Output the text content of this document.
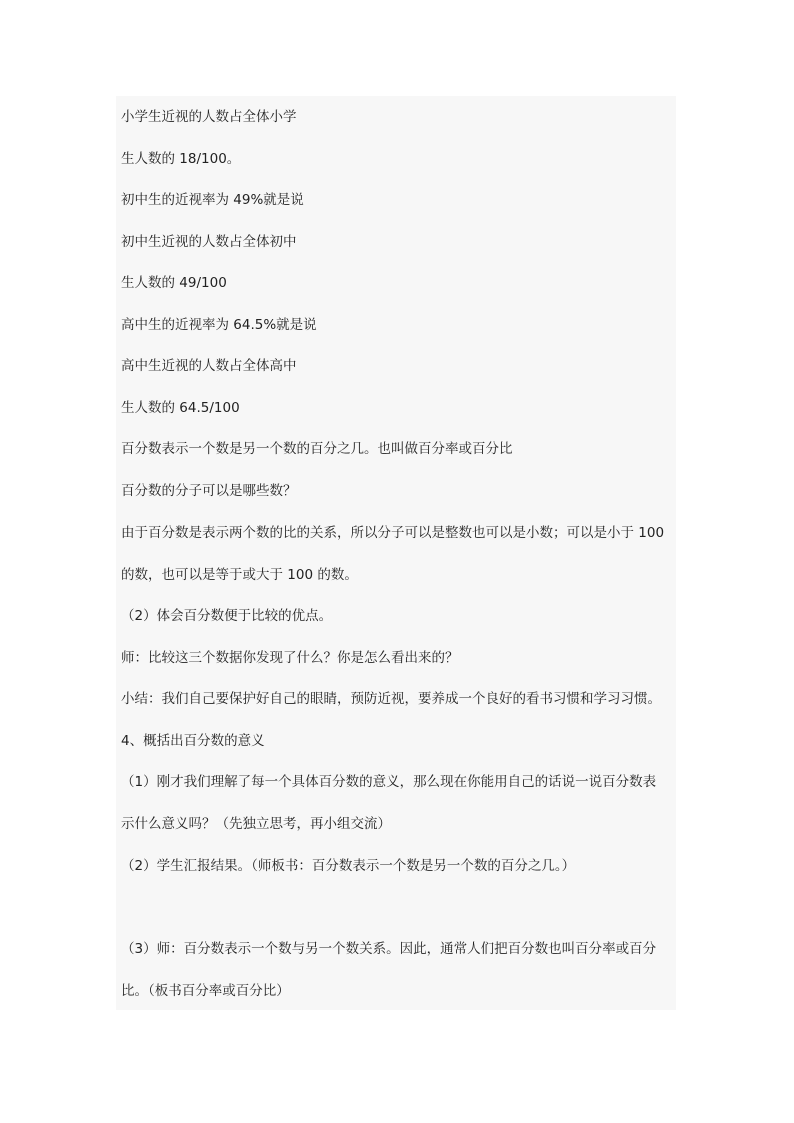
小学生近视的人数占全体小学
生人数的 18/100。
初中生的近视率为 49%就是说
初中生近视的人数占全体初中
生人数的 49/100
高中生的近视率为 64.5%就是说
高中生近视的人数占全体高中
生人数的 64.5/100
百分数表示一个数是另一个数的百分之几。也叫做百分率或百分比
百分数的分子可以是哪些数？
由于百分数是表示两个数的比的关系，所以分子可以是整数也可以是小数；可以是小于 100
的数，也可以是等于或大于 100 的数。
（2）体会百分数便于比较的优点。
师：比较这三个数据你发现了什么？你是怎么看出来的？
小结：我们自己要保护好自己的眼睛，预防近视，要养成一个良好的看书习惯和学习习惯。
4、概括出百分数的意义
（1）刚才我们理解了每一个具体百分数的意义，那么现在你能用自己的话说一说百分数表
示什么意义吗？（先独立思考，再小组交流）
（2）学生汇报结果。（师板书：百分数表示一个数是另一个数的百分之几。）
（3）师：百分数表示一个数与另一个数关系。因此，通常人们把百分数也叫百分率或百分
比。（板书百分率或百分比）
